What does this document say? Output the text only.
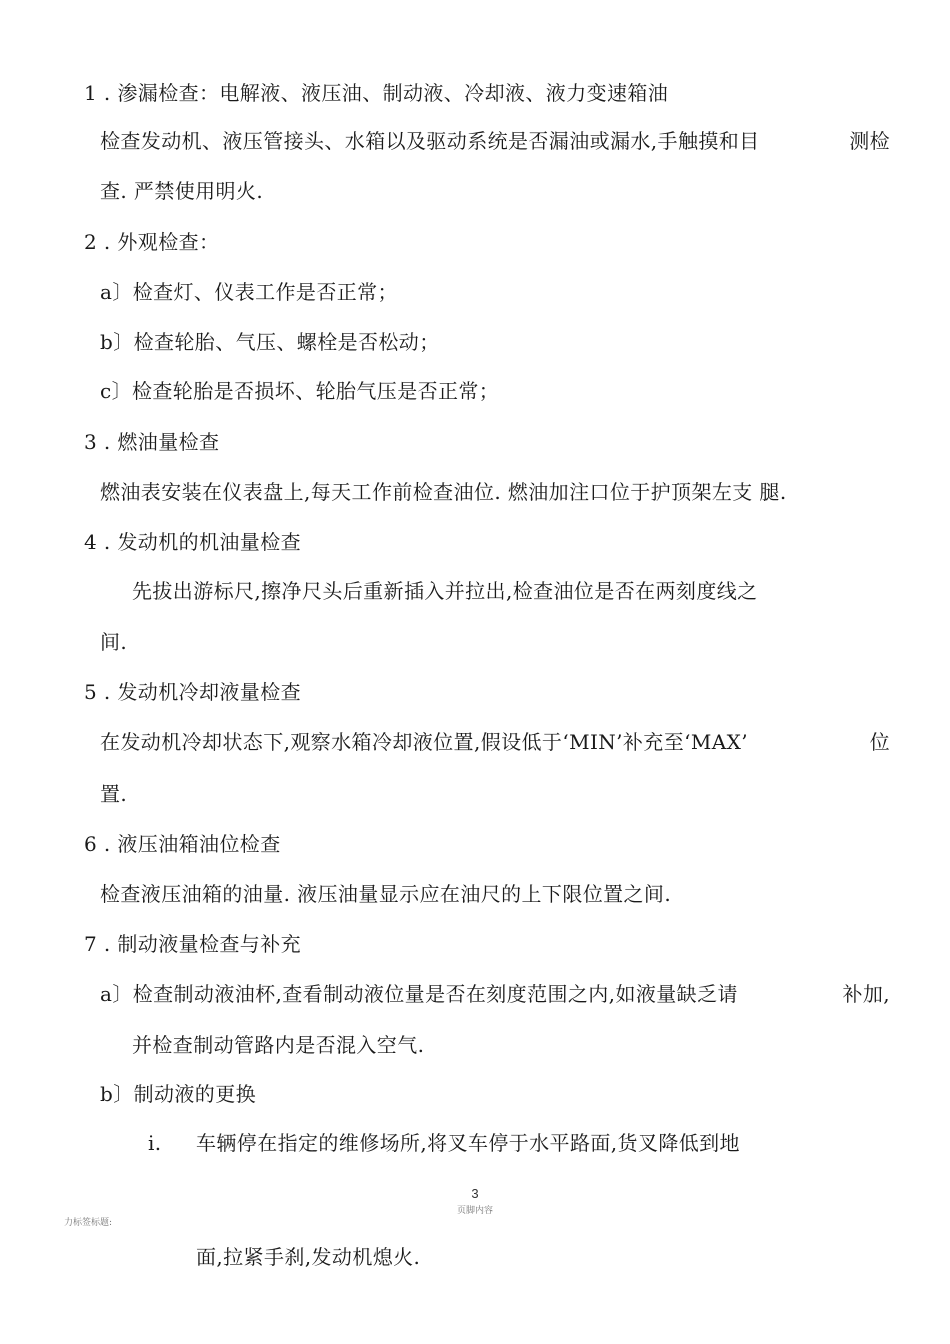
1 . 渗漏检查：电解液、液压油、制动液、冷却液、液力变速箱油
检查发动机、液压管接头、水箱以及驱动系统是否漏油或漏水,手触摸和目	测检
查. 严禁使用明火.
2 . 外观检查：
a〕检查灯、仪表工作是否正常；
b〕检查轮胎、气压、螺栓是否松动；
c〕检查轮胎是否损坏、轮胎气压是否正常；
3 . 燃油量检查
燃油表安装在仪表盘上,每天工作前检查油位. 燃油加注口位于护顶架左支 腿.
4 . 发动机的机油量检查
先拔出游标尺,擦净尺头后重新插入并拉出,检查油位是否在两刻度线之
间.
5 . 发动机冷却液量检查
在发动机冷却状态下,观察水箱冷却液位置,假设低于‘MIN’补充至‘MAX’	位
置.
6 . 液压油箱油位检查
检查液压油箱的油量. 液压油量显示应在油尺的上下限位置之间.
7 . 制动液量检查与补充
a〕检查制动液油杯,查看制动液位量是否在刻度范围之内,如液量缺乏请	补加,
并检查制动管路内是否混入空气.
b〕制动液的更换
i. 车辆停在指定的维修场所,将叉车停于水平路面,货叉降低到地
3
页脚内容
力标签标题:
面,拉紧手刹,发动机熄火.
